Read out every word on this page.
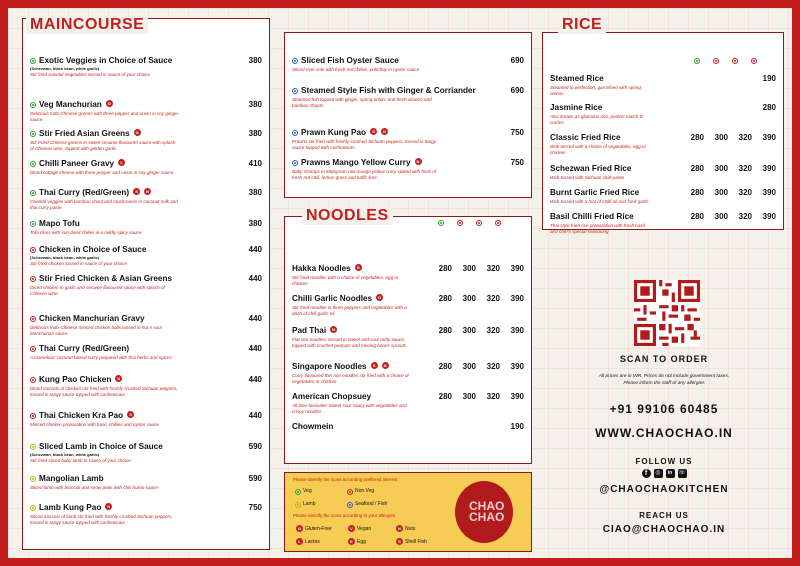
MAINCOURSE
NOODLES
RICE
Please identify the icons according preffered interest
Veg	Non Veg
Lamb	Seafood / Fish
Please identify the icons according to your allergies
G Gluten-Free	V Vegan	N Nuts
L Lactos	E Egg	S Shell Fish
CHAO CHAO
SCAN TO ORDER
All prices are in INR. Prices do not include government taxes.
Please inform the staff of any allergies
+91 99106 60485
WWW.CHAOCHAO.IN
FOLLOW US
f	◎	in	☏
@CHAOCHAOKITCHEN
REACH US
CIAO@CHAOCHAO.IN
Exotic Veggies in Choice of Sauce
(Schezwan, black bean, white garlic)
Stir fried oriental vegetables tossed in sauce of your choice
380
Veg Manchurian	G
Delicious Indo-Chinese greens with three pepper and onion in soy ginger sauce
380
Stir Fried Asian Greens	G
Stir Fried Chinese greens in sweet sesame flavoured sauce with splash of Chinese wine, topped with golden garlic
380
Chilli Paneer Gravy	L
Diced cottage cheese with three pepper and onion in soy ginger sauce
410
Thai Curry (Red/Green)	S	N
Oriental veggies with bamboo shoot and mushrooms in coconut milk and thai curry paste
380
Mapo Tofu
Tofu dices with sun dried chilies in a mildly spicy sauce
380
Chicken in Choice of Sauce
(Schezwan, black bean, white garlic)
Stir fried chicken tossed in sauce of your choice
440
Stir Fried Chicken & Asian Greens
Diced chicken in garlic and sesame flavoured sauce with splash of Chinese wine
440
Chicken Manchurian Gravy
Delicious Indo-Chinese minced chicken balls tossed in hot n sour Manchurian sauce
440
Thai Curry (Red/Green)
A marvelous coconut based curry prepared with thai herbs and spices
440
Kung Pao Chicken	N
Diced morsels of chicken stir fried with freshly crushed Sichuan peppers, tossed in tangy sauce topped with cashewnuts
440
Thai Chicken Kra Pao	S
Minced chicken preparation with basil, chillies and oyster sauce
440
Sliced Lamb in Choice of Sauce
(Schezwan, black bean, white garlic)
Stir fried sliced baby lamb in sauce of your choice
590
Mangolian Lamb
Sliced lamb with broccoli and snow peas with chili hoisin sauce
590
Lamb Kung Pao	N
Sliced morsels of lamb stir fried with freshly crushed Sichuan peppers, tossed in tangy sauce topped with cashewnuts
750
Sliced Fish Oyster Sauce
Sliced river sole with fresh red chilies, pokchoy in oyster sauce
690
Steamed Style Fish with Ginger & Corriander
Steamed fish topped with ginger, spring onion, and fresh cilantro and bamboo shoots
690
Prawn Kung Pao	S	N
Prawns stir fried with freshly crushed Sichuan peppers, tossed in tangy sauce topped with cashewnuts
750
Prawns Mango Yellow Curry	N
Baby shrimps in Malaysian raw mango yellow curry spiked with hints of fresh red chili, lemon grass and kaffir lime
750
Hakka Noodles	G
Stir fried noodles with a choice of vegetables, egg or chicken
280	300	320	390
Chilli Garlic Noodles	G
Stir fried noodles in three peppers and vegetables with a dash of chili garlic oil
280	300	320	390
Pad Thai	N
Flat rice noodles, tossed in sweet and sour nutty sauce, topped with crushed peanuts and mooing beans sprouts
280	300	320	390
Singapore Noodles	S	N
Curry flavoured thin rice noodles stir fried with a choice of vegetables or chicken
280	300	320	390
American Chopsuey
All time favourite! Sweet sour saucy with vegetables and crispy noodles
280	300	320	390
Chowmein	190
Steamed Rice
Steamed to perfection, garnished with spring onions
190
Jasmine Rice
Also known as glutinous rice, perfect match to curries
280
Classic Fried Rice
Wok tossed with a choice of vegetables, egg or chicken
280	300	320	390
Schezwan Fried Rice
Wok tossed with Sichuan chilli paste
280	300	320	390
Burnt Garlic Fried Rice
Wok tossed with a hint of chilli oil and fried garlic
280	300	320	390
Basil Chilli Fried Rice
Thai style fried rice preparation with fresh basil and chef's special seasoning
280	300	320	390
